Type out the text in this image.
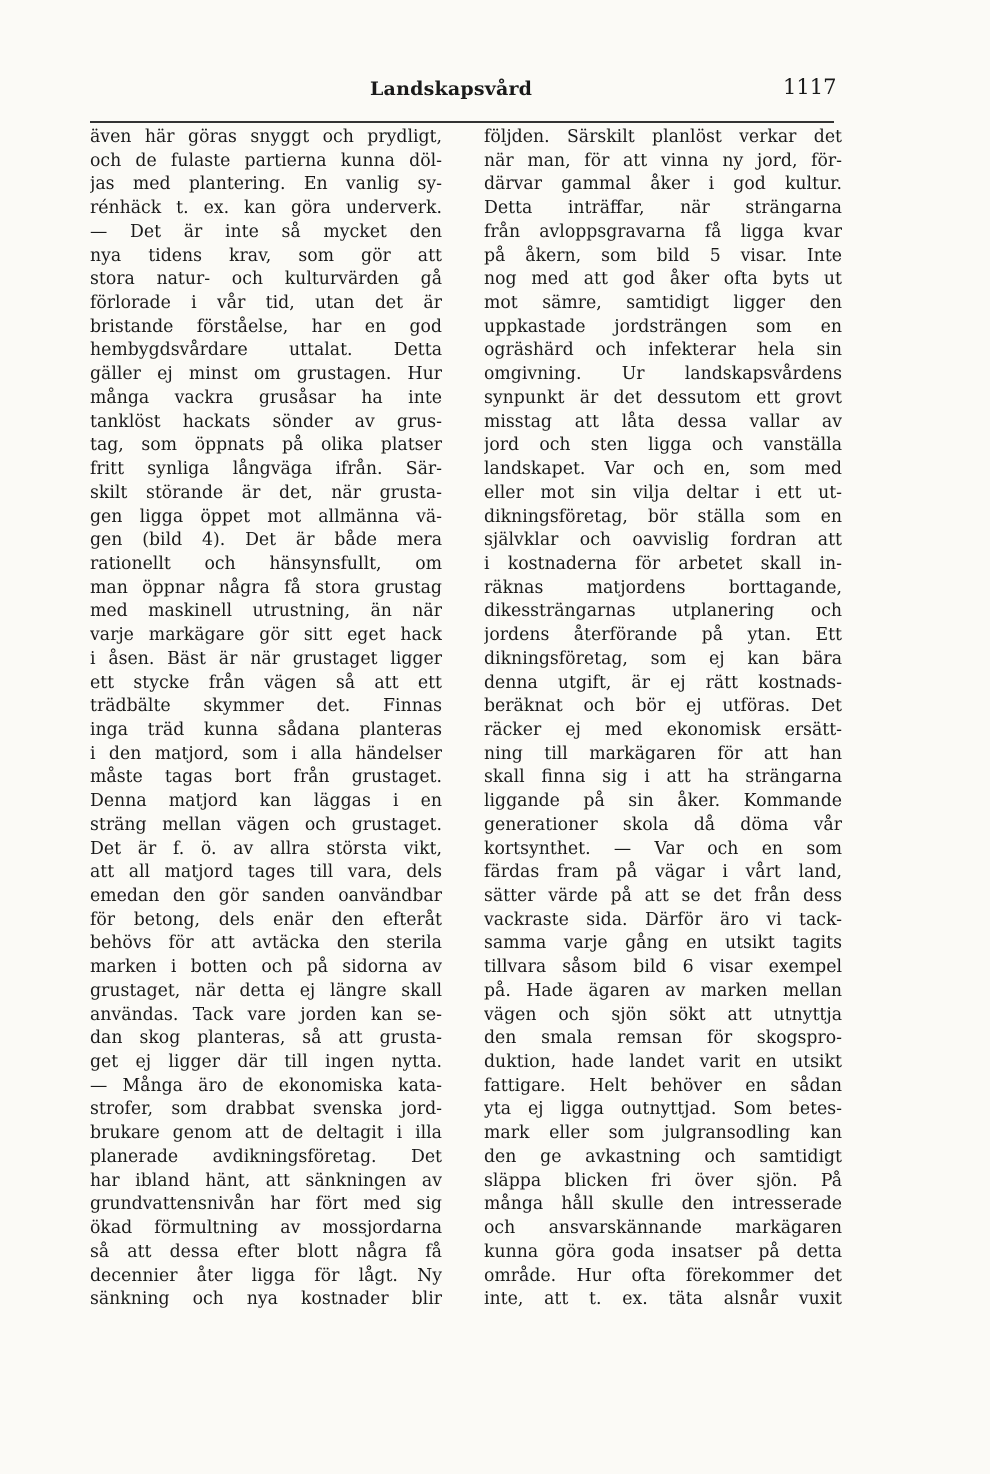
Landskapsvård	1117
även här göras snyggt och prydligt,
och de fulaste partierna kunna döl-
jas med plantering. En vanlig sy-
rénhäck t. ex. kan göra underverk.
— Det är inte så mycket den
nya tidens krav, som gör att
stora natur- och kulturvärden gå
förlorade i vår tid, utan det är
bristande förståelse, har en god
hembygdsvårdare uttalat. Detta
gäller ej minst om grustagen. Hur
många vackra grusåsar ha inte
tanklöst hackats sönder av grus-
tag, som öppnats på olika platser
fritt synliga långväga ifrån. Sär-
skilt störande är det, när grusta-
gen ligga öppet mot allmänna vä-
gen (bild 4). Det är både mera
rationellt och hänsynsfullt, om
man öppnar några få stora grustag
med maskinell utrustning, än när
varje markägare gör sitt eget hack
i åsen. Bäst är när grustaget ligger
ett stycke från vägen så att ett
trädbälte skymmer det. Finnas
inga träd kunna sådana planteras
i den matjord, som i alla händelser
måste tagas bort från grustaget.
Denna matjord kan läggas i en
sträng mellan vägen och grustaget.
Det är f. ö. av allra största vikt,
att all matjord tages till vara, dels
emedan den gör sanden oanvändbar
för betong, dels enär den efteråt
behövs för att avtäcka den sterila
marken i botten och på sidorna av
grustaget, när detta ej längre skall
användas. Tack vare jorden kan se-
dan skog planteras, så att grusta-
get ej ligger där till ingen nytta.
— Många äro de ekonomiska kata-
strofer, som drabbat svenska jord-
brukare genom att de deltagit i illa
planerade avdikningsföretag. Det
har ibland hänt, att sänkningen av
grundvattensnivån har fört med sig
ökad förmultning av mossjordarna
så att dessa efter blott några få
decennier åter ligga för lågt. Ny
sänkning och nya kostnader blir
följden. Särskilt planlöst verkar det
när man, för att vinna ny jord, för-
därvar gammal åker i god kultur.
Detta inträffar, när strängarna
från avloppsgravarna få ligga kvar
på åkern, som bild 5 visar. Inte
nog med att god åker ofta byts ut
mot sämre, samtidigt ligger den
uppkastade jordsträngen som en
ogräshärd och infekterar hela sin
omgivning. Ur landskapsvårdens
synpunkt är det dessutom ett grovt
misstag att låta dessa vallar av
jord och sten ligga och vanställa
landskapet. Var och en, som med
eller mot sin vilja deltar i ett ut-
dikningsföretag, bör ställa som en
självklar och oavvislig fordran att
i kostnaderna för arbetet skall in-
räknas matjordens borttagande,
dikessträngarnas utplanering och
jordens återförande på ytan. Ett
dikningsföretag, som ej kan bära
denna utgift, är ej rätt kostnads-
beräknat och bör ej utföras. Det
räcker ej med ekonomisk ersätt-
ning till markägaren för att han
skall finna sig i att ha strängarna
liggande på sin åker. Kommande
generationer skola då döma vår
kortsynthet. — Var och en som
färdas fram på vägar i vårt land,
sätter värde på att se det från dess
vackraste sida. Därför äro vi tack-
samma varje gång en utsikt tagits
tillvara såsom bild 6 visar exempel
på. Hade ägaren av marken mellan
vägen och sjön sökt att utnyttja
den smala remsan för skogspro-
duktion, hade landet varit en utsikt
fattigare. Helt behöver en sådan
yta ej ligga outnyttjad. Som betes-
mark eller som julgransodling kan
den ge avkastning och samtidigt
släppa blicken fri över sjön. På
många håll skulle den intresserade
och ansvarskännande markägaren
kunna göra goda insatser på detta
område. Hur ofta förekommer det
inte, att t. ex. täta alsnår vuxit
